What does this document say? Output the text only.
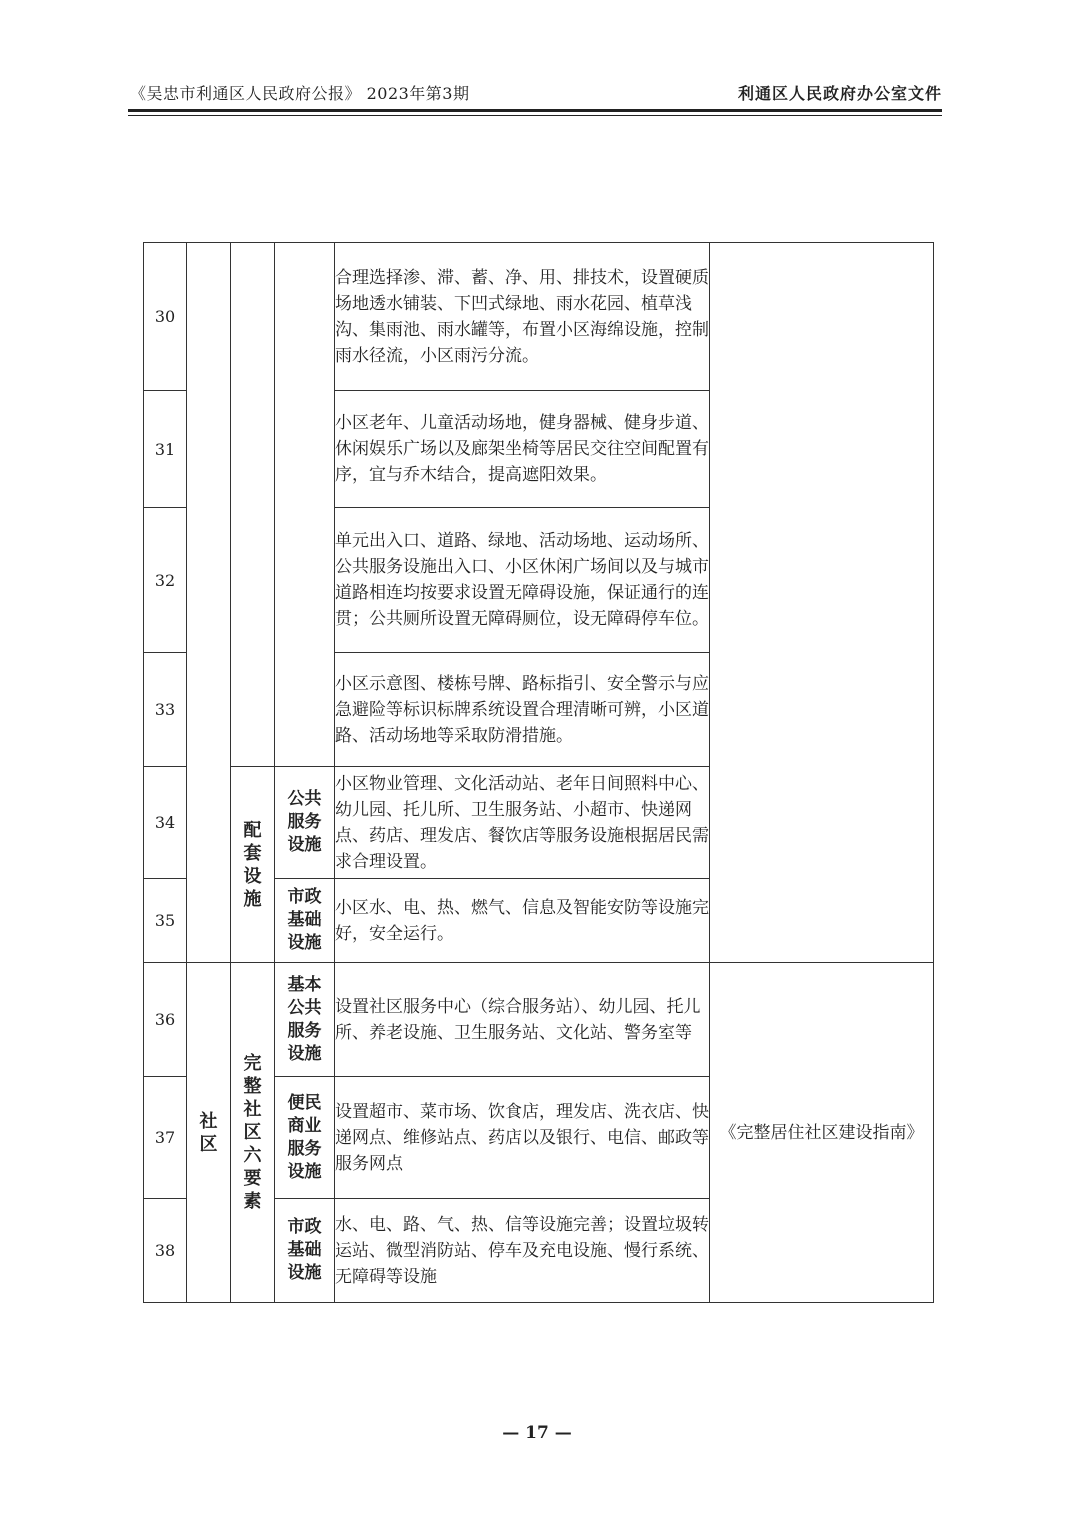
《吴忠市利通区人民政府公报》 2023年第3期	利通区人民政府办公室文件
30				合理选择渗、滞、蓄、净、用、排技术，设置硬质场地透水铺装、下凹式绿地、雨水花园、植草浅沟、集雨池、雨水罐等，布置小区海绵设施，控制雨水径流，小区雨污分流。	
31				小区老年、儿童活动场地，健身器械、健身步道、休闲娱乐广场以及廊架坐椅等居民交往空间配置有序，宜与乔木结合，提高遮阳效果。	
32				单元出入口、道路、绿地、活动场地、运动场所、公共服务设施出入口、小区休闲广场间以及与城市道路相连均按要求设置无障碍设施，保证通行的连贯；公共厕所设置无障碍厕位，设无障碍停车位。	
33				小区示意图、楼栋号牌、路标指引、安全警示与应急避险等标识标牌系统设置合理清晰可辨，小区道路、活动场地等采取防滑措施。	
34		配套设施	公共服务设施	小区物业管理、文化活动站、老年日间照料中心、幼儿园、托儿所、卫生服务站、小超市、快递网点、药店、理发店、餐饮店等服务设施根据居民需求合理设置。	
35			市政基础设施	小区水、电、热、燃气、信息及智能安防等设施完好，安全运行。	
36	社区	完整社区六要素	基本公共服务设施	设置社区服务中心（综合服务站）、幼儿园、托儿所、养老设施、卫生服务站、文化站、警务室等	《完整居住社区建设指南》
37			便民商业服务设施	设置超市、菜市场、饮食店，理发店、洗衣店、快递网点、维修站点、药店以及银行、电信、邮政等服务网点	
38			市政基础设施	水、电、路、气、热、信等设施完善；设置垃圾转运站、微型消防站、停车及充电设施、慢行系统、无障碍等设施	
— 17 —
